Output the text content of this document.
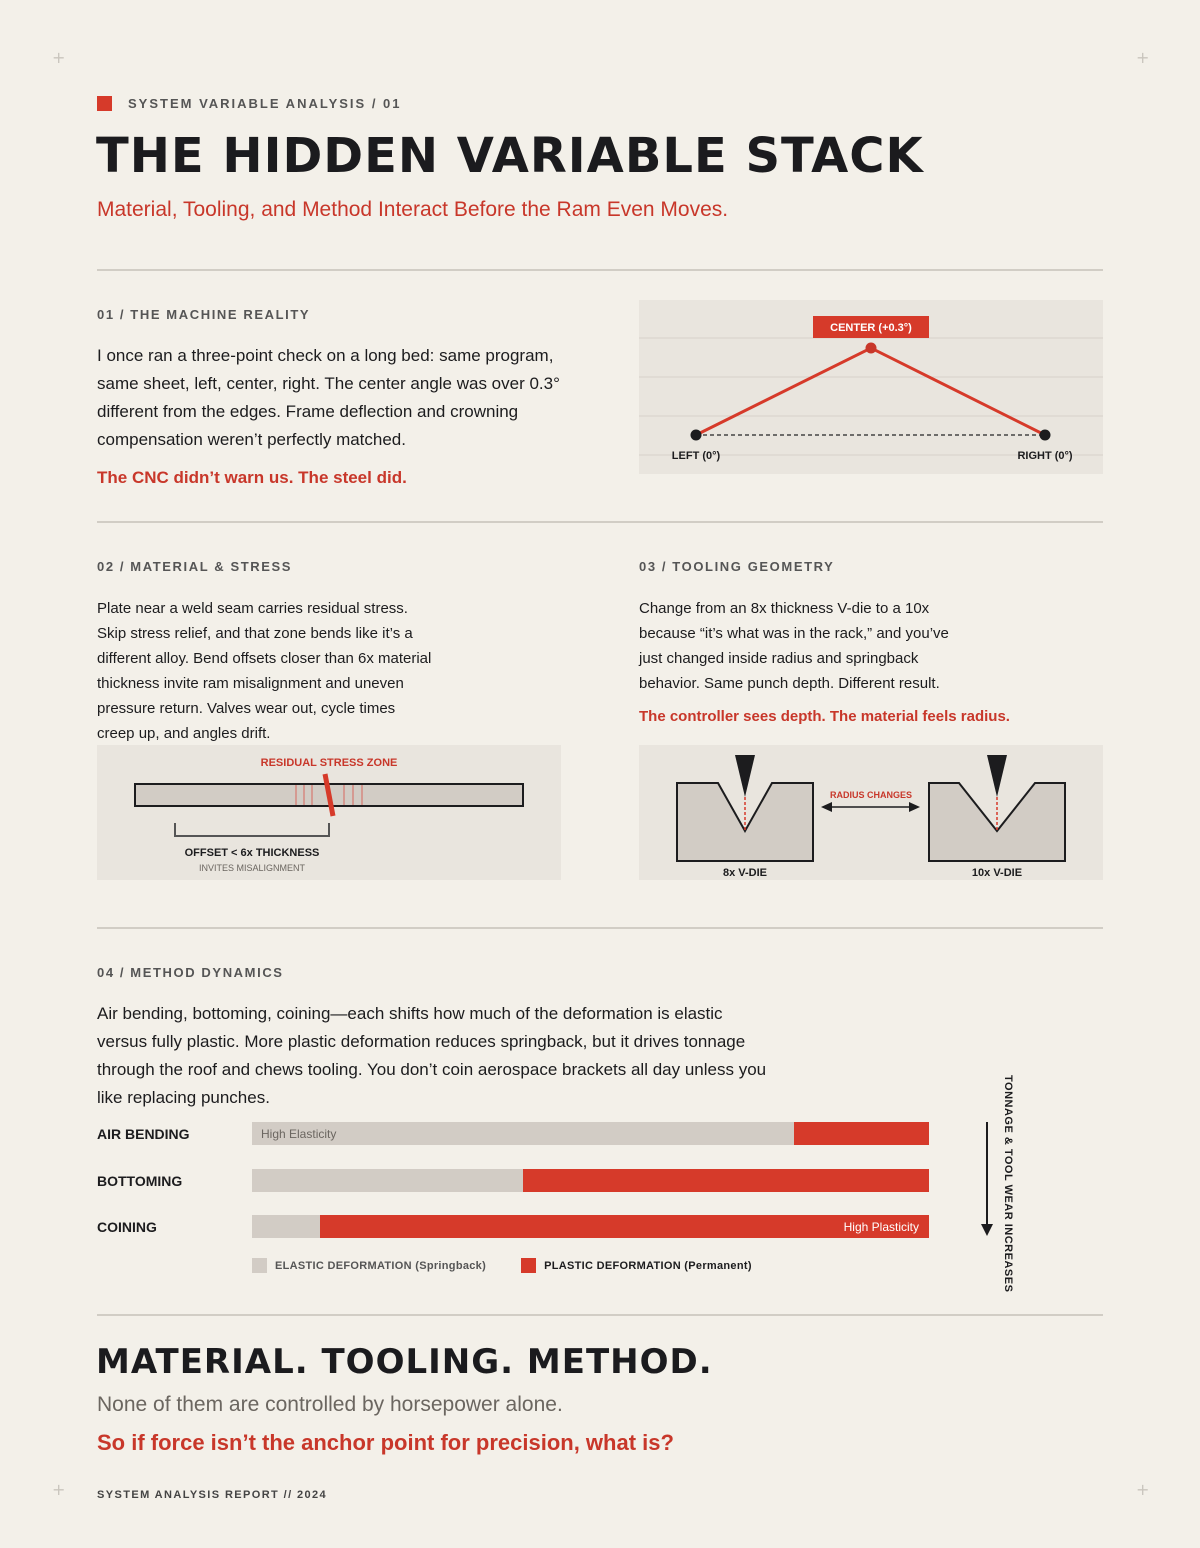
+	+
+	+
SYSTEM VARIABLE ANALYSIS / 01
THE HIDDEN VARIABLE STACK
Material, Tooling, and Method Interact Before the Ram Even Moves.
01 / THE MACHINE REALITY
I once ran a three-point check on a long bed: same program, same sheet, left, center, right. The center angle was over 0.3° different from the edges. Frame deflection and crowning compensation weren’t perfectly matched.
The CNC didn’t warn us. The steel did.
CENTER (+0.3°)
LEFT (0°)	RIGHT (0°)
02 / MATERIAL & STRESS
Plate near a weld seam carries residual stress. Skip stress relief, and that zone bends like it’s a different alloy. Bend offsets closer than 6x material thickness invite ram misalignment and uneven pressure return. Valves wear out, cycle times creep up, and angles drift.
RESIDUAL STRESS ZONE
OFFSET < 6x THICKNESS
INVITES MISALIGNMENT
03 / TOOLING GEOMETRY
Change from an 8x thickness V-die to a 10x because “it’s what was in the rack,” and you’ve just changed inside radius and springback behavior. Same punch depth. Different result.
The controller sees depth. The material feels radius.
8x V-DIE	10x V-DIE
RADIUS CHANGES
04 / METHOD DYNAMICS
Air bending, bottoming, coining—each shifts how much of the deformation is elastic versus fully plastic. More plastic deformation reduces springback, but it drives tonnage through the roof and chews tooling. You don’t coin aerospace brackets all day unless you like replacing punches.
AIR BENDING	High Elasticity
BOTTOMING
COINING	High Plasticity
ELASTIC DEFORMATION (Springback)	PLASTIC DEFORMATION (Permanent)	TONNAGE & TOOL WEAR INCREASES
MATERIAL. TOOLING. METHOD.
None of them are controlled by horsepower alone.
So if force isn’t the anchor point for precision, what is?
SYSTEM ANALYSIS REPORT // 2024
